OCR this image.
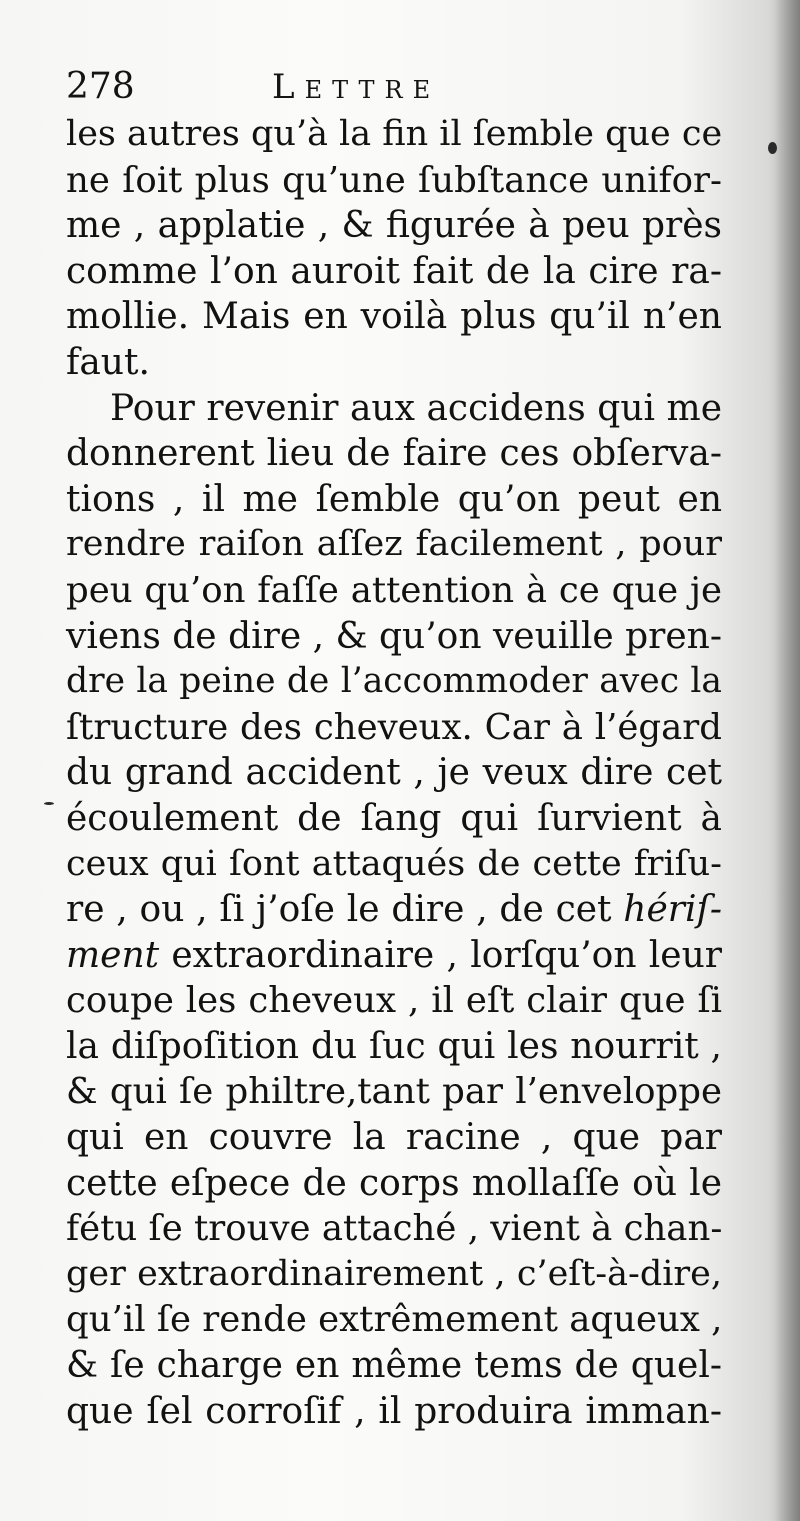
278	Lettre
les autres qu’à la fin il ſemble que ce
ne ſoit plus qu’une ſubſtance unifor-
me , applatie , & figurée à peu près
comme l’on auroit fait de la cire ra-
mollie. Mais en voilà plus qu’il n’en
faut.
Pour revenir aux accidens qui me
donnerent lieu de faire ces obſerva-
tions , il me ſemble qu’on peut en
rendre raiſon aſſez facilement , pour
peu qu’on faſſe attention à ce que je
viens de dire , & qu’on veuille pren-
dre la peine de l’accommoder avec la
ſtructure des cheveux. Car à l’égard
du grand accident , je veux dire cet
écoulement de ſang qui ſurvient à
ceux qui ſont attaqués de cette friſu-
re , ou , ſi j’oſe le dire , de cet hériſ-
ment extraordinaire , lorſqu’on leur
coupe les cheveux , il eſt clair que ſi
la diſpoſition du ſuc qui les nourrit ,
& qui ſe philtre,tant par l’enveloppe
qui en couvre la racine , que par
cette eſpece de corps mollaſſe où le
fétu ſe trouve attaché , vient à chan-
ger extraordinairement , c’eſt-à-dire,
qu’il ſe rende extrêmement aqueux ,
& ſe charge en même tems de quel-
que ſel corroſif , il produira imman-
